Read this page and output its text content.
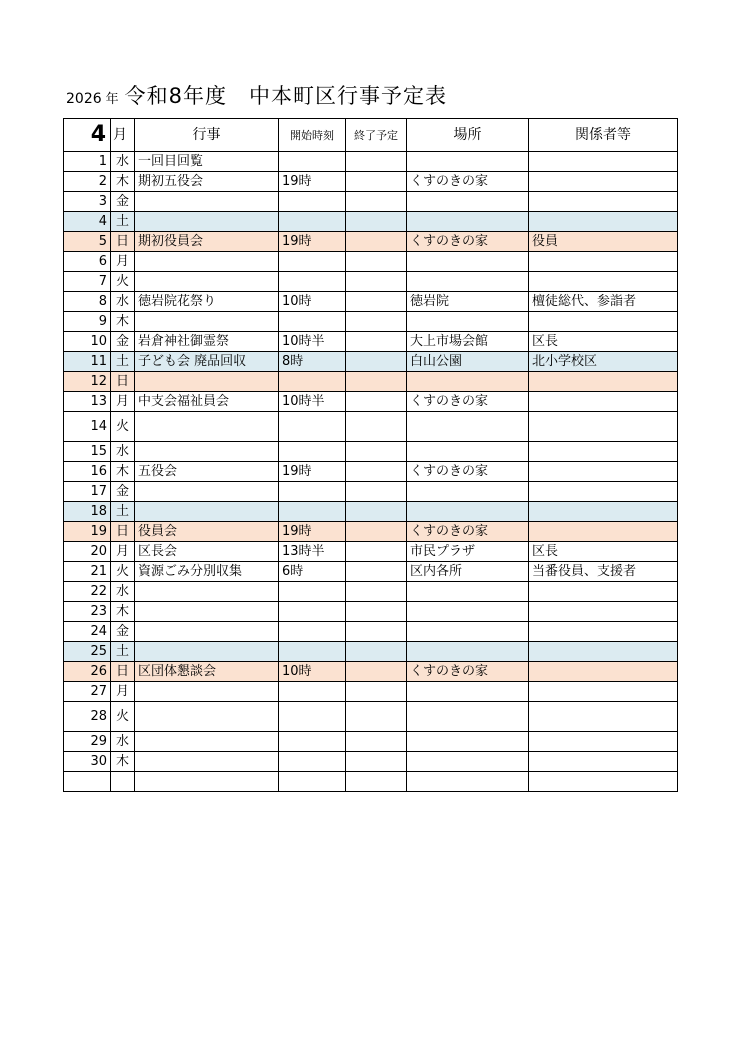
2026 年 令和8年度　中本町区行事予定表
4	月	行事	開始時刻	終了予定	場所	関係者等
1	水	一回目回覧				
2	木	期初五役会	19時		くすのきの家	
3	金					
4	土					
5	日	期初役員会	19時		くすのきの家	役員
6	月					
7	火					
8	水	徳岩院花祭り	10時		徳岩院	檀徒総代、参詣者
9	木					
10	金	岩倉神社御霊祭	10時半		大上市場会館	区長
11	土	子ども会 廃品回収	8時		白山公園	北小学校区
12	日					
13	月	中支会福祉員会	10時半		くすのきの家	
14	火					
15	水					
16	木	五役会	19時		くすのきの家	
17	金					
18	土					
19	日	役員会	19時		くすのきの家	
20	月	区長会	13時半		市民プラザ	区長
21	火	資源ごみ分別収集	6時		区内各所	当番役員、支援者
22	水					
23	木					
24	金					
25	土					
26	日	区団体懇談会	10時		くすのきの家	
27	月					
28	火					
29	水					
30	木					
